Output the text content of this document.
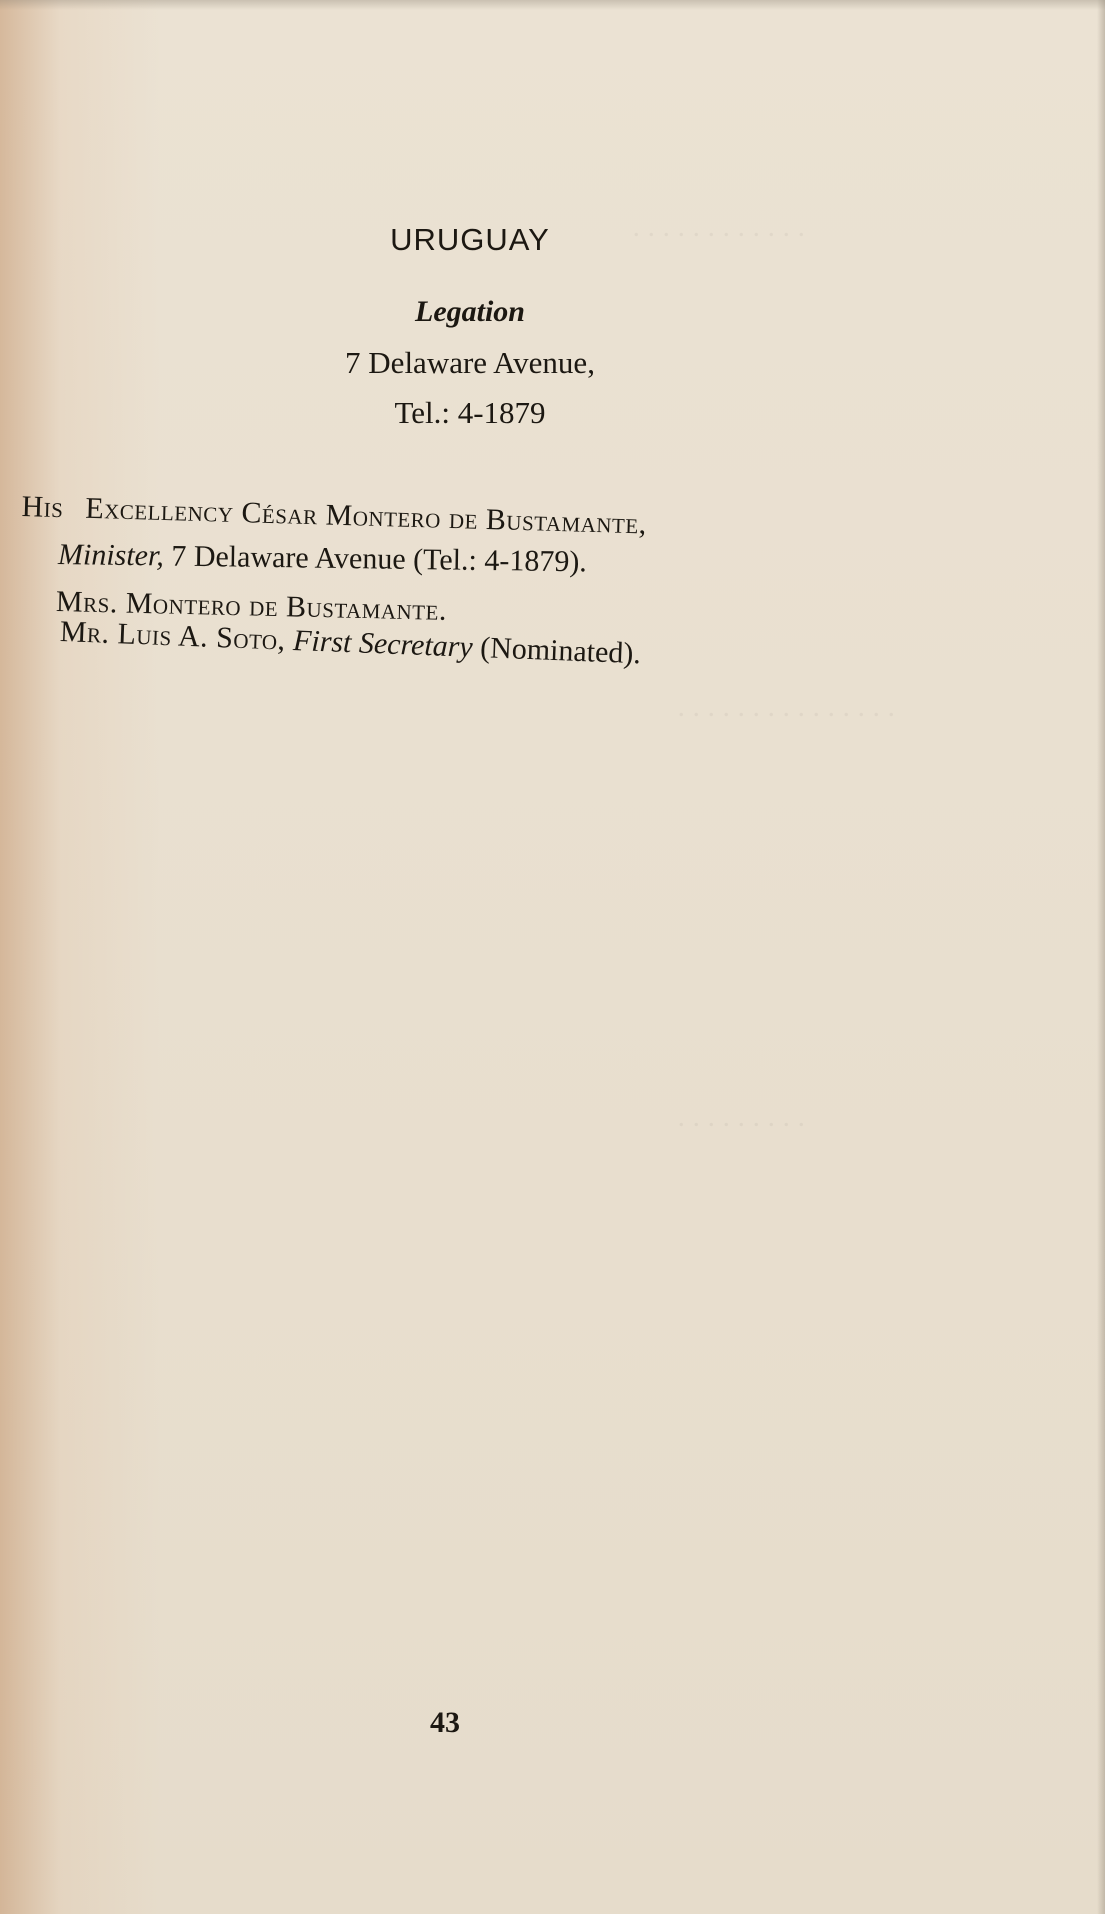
URUGUAY
Legation
7 Delaware Avenue,
Tel.: 4-1879
His Excellency César Montero de Bustamante,
Minister, 7 Delaware Avenue (Tel.: 4-1879).
Mrs. Montero de Bustamante.
Mr. Luis A. Soto, First Secretary (Nominated).
43
